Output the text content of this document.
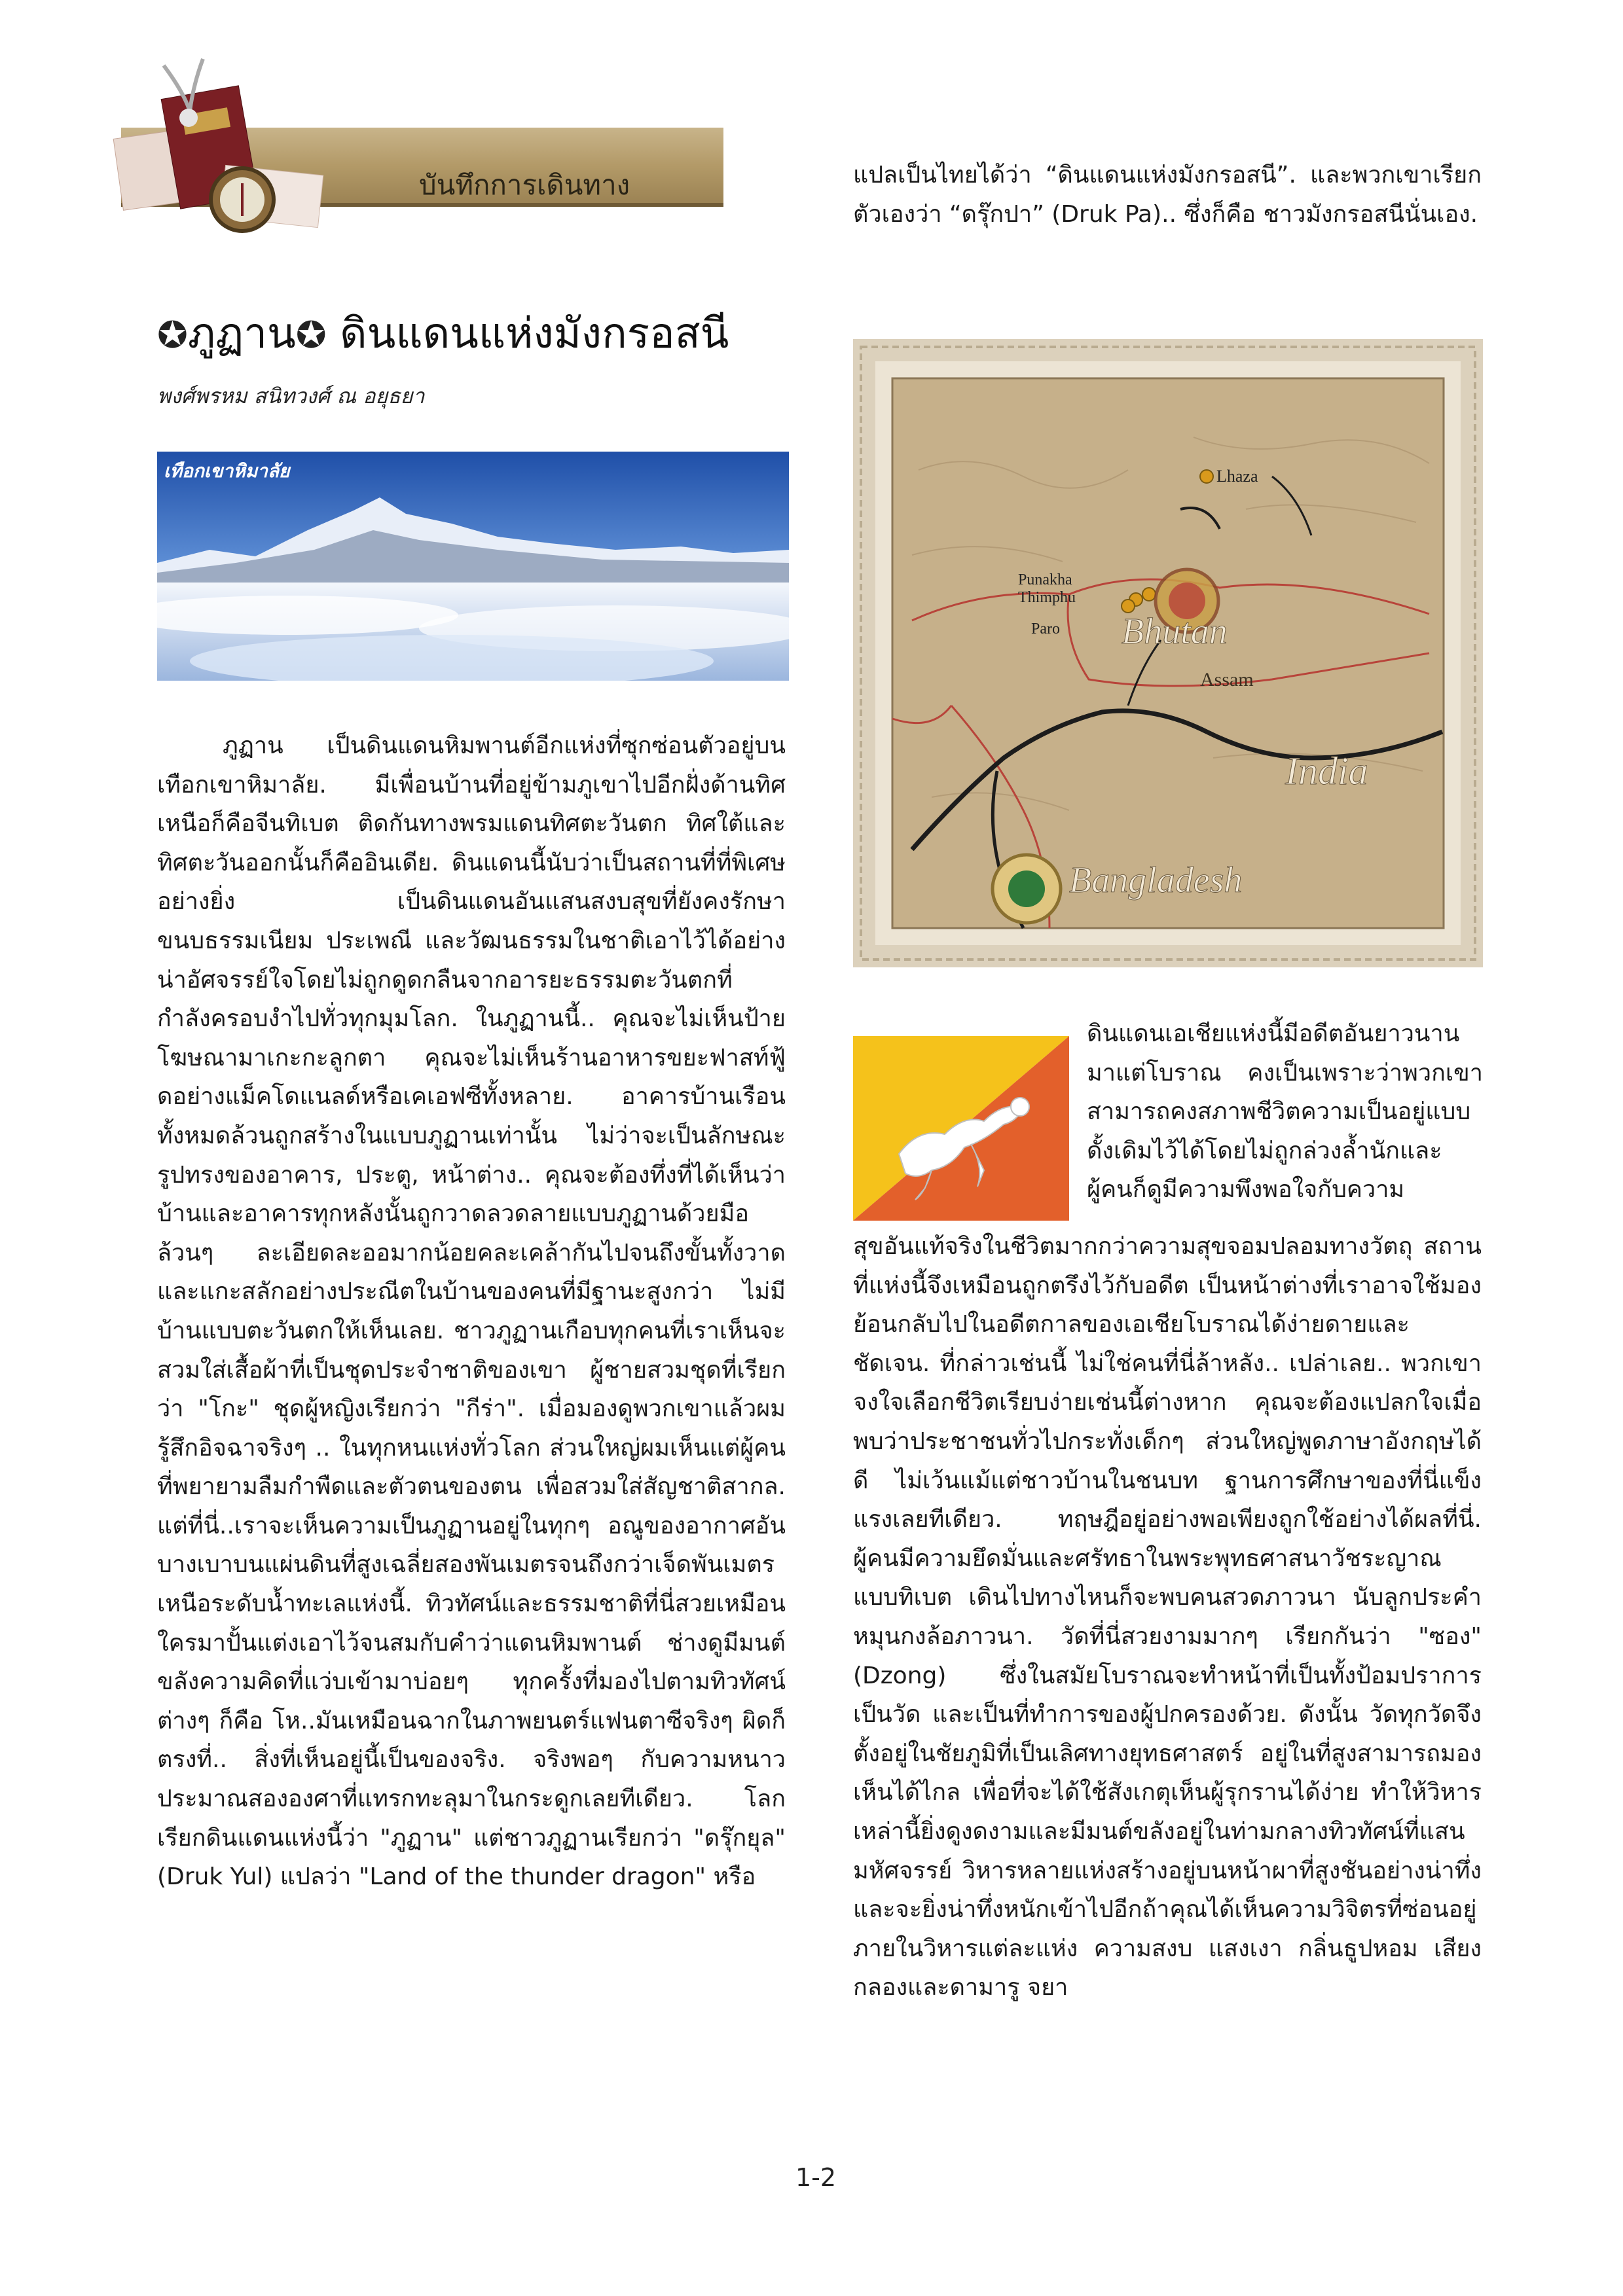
บันทึกการเดินทาง
✪ภูฏาน✪ ดินแดนแห่งมังกรอสนี
พงศ์พรหม สนิทวงศ์ ณ อยุธยา
เทือกเขาหิมาลัย

ภูฏาน เป็นดินแดนหิมพานต์อีกแห่งที่ซุกซ่อนตัวอยู่บนเทือกเขาหิมาลัย. มีเพื่อนบ้านที่อยู่ข้ามภูเขาไปอีกฝั่งด้านทิศเหนือก็คือจีนทิเบต ติดกันทางพรมแดนทิศตะวันตก ทิศใต้และทิศตะวันออกนั้นก็คืออินเดีย. ดินแดนนี้นับว่าเป็นสถานที่ที่พิเศษอย่างยิ่ง เป็นดินแดนอันแสนสงบสุขที่ยังคงรักษาขนบธรรมเนียม ประเพณี และวัฒนธรรมในชาติเอาไว้ได้อย่างน่าอัศจรรย์ใจโดยไม่ถูกดูดกลืนจากอารยะธรรมตะวันตกที่กำลังครอบงำไปทั่วทุกมุมโลก. ในภูฏานนี้.. คุณจะไม่เห็นป้ายโฆษณามาเกะกะลูกตา คุณจะไม่เห็นร้านอาหารขยะฟาสท์ฟู้ดอย่างแม็คโดแนลด์หรือเคเอฟซีทั้งหลาย. อาคารบ้านเรือนทั้งหมดล้วนถูกสร้างในแบบภูฏานเท่านั้น ไม่ว่าจะเป็นลักษณะรูปทรงของอาคาร, ประตู, หน้าต่าง.. คุณจะต้องทึ่งที่ได้เห็นว่าบ้านและอาคารทุกหลังนั้นถูกวาดลวดลายแบบภูฏานด้วยมือล้วนๆ ละเอียดละออมากน้อยคละเคล้ากันไปจนถึงขั้นทั้งวาดและแกะสลักอย่างประณีตในบ้านของคนที่มีฐานะสูงกว่า ไม่มีบ้านแบบตะวันตกให้เห็นเลย. ชาวภูฏานเกือบทุกคนที่เราเห็นจะสวมใส่เสื้อผ้าที่เป็นชุดประจำชาติของเขา ผู้ชายสวมชุดที่เรียกว่า "โกะ" ชุดผู้หญิงเรียกว่า "กีร่า". เมื่อมองดูพวกเขาแล้วผมรู้สึกอิจฉาจริงๆ .. ในทุกหนแห่งทั่วโลก ส่วนใหญ่ผมเห็นแต่ผู้คนที่พยายามลืมกำพืดและตัวตนของตน เพื่อสวมใส่สัญชาติสากล. แต่ที่นี่..เราจะเห็นความเป็นภูฏานอยู่ในทุกๆ อณูของอากาศอันบางเบาบนแผ่นดินที่สูงเฉลี่ยสองพันเมตรจนถึงกว่าเจ็ดพันเมตรเหนือระดับน้ำทะเลแห่งนี้. ทิวทัศน์และธรรมชาติที่นี่สวยเหมือนใครมาปั้นแต่งเอาไว้จนสมกับคำว่าแดนหิมพานต์ ช่างดูมีมนต์ขลังความคิดที่แว่บเข้ามาบ่อยๆ ทุกครั้งที่มองไปตามทิวทัศน์ต่างๆ ก็คือ โห..มันเหมือนฉากในภาพยนตร์แฟนตาซีจริงๆ ผิดก็ตรงที่.. สิ่งที่เห็นอยู่นี้เป็นของจริง. จริงพอๆ กับความหนาวประมาณสององศาที่แทรกทะลุมาในกระดูกเลยทีเดียว. โลกเรียกดินแดนแห่งนี้ว่า "ภูฏาน" แต่ชาวภูฏานเรียกว่า "ดรุ๊กยุล" (Druk Yul) แปลว่า "Land of the thunder dragon" หรือ

แปลเป็นไทยได้ว่า “ดินแดนแห่งมังกรอสนี”. และพวกเขาเรียกตัวเองว่า “ดรุ๊กปา” (Druk Pa).. ซึ่งก็คือ ชาวมังกรอสนีนั่นเอง.

Lhaza
Punakha
Thimphu
Paro Bhutan
Assam
India
Bangladesh

ดินแดนเอเชียแห่งนี้มีอดีตอันยาวนานมาแต่โบราณ คงเป็นเพราะว่าพวกเขาสามารถคงสภาพชีวิตความเป็นอยู่แบบดั้งเดิมไว้ได้โดยไม่ถูกล่วงล้ำนักและผู้คนก็ดูมีความพึงพอใจกับความ

สุขอันแท้จริงในชีวิตมากกว่าความสุขจอมปลอมทางวัตถุ สถานที่แห่งนี้จึงเหมือนถูกตรึงไว้กับอดีต เป็นหน้าต่างที่เราอาจใช้มองย้อนกลับไปในอดีตกาลของเอเชียโบราณได้ง่ายดายและชัดเจน. ที่กล่าวเช่นนี้ ไม่ใช่คนที่นี่ล้าหลัง.. เปล่าเลย.. พวกเขาจงใจเลือกชีวิตเรียบง่ายเช่นนี้ต่างหาก คุณจะต้องแปลกใจเมื่อพบว่าประชาชนทั่วไปกระทั่งเด็กๆ ส่วนใหญ่พูดภาษาอังกฤษได้ดี ไม่เว้นแม้แต่ชาวบ้านในชนบท ฐานการศึกษาของที่นี่แข็งแรงเลยทีเดียว. ทฤษฎีอยู่อย่างพอเพียงถูกใช้อย่างได้ผลที่นี่. ผู้คนมีความยึดมั่นและศรัทธาในพระพุทธศาสนาวัชระญาณแบบทิเบต เดินไปทางไหนก็จะพบคนสวดภาวนา นับลูกประคำ หมุนกงล้อภาวนา. วัดที่นี่สวยงามมากๆ เรียกกันว่า "ซอง" (Dzong) ซึ่งในสมัยโบราณจะทำหน้าที่เป็นทั้งป้อมปราการ เป็นวัด และเป็นที่ทำการของผู้ปกครองด้วย. ดังนั้น วัดทุกวัดจึงตั้งอยู่ในชัยภูมิที่เป็นเลิศทางยุทธศาสตร์ อยู่ในที่สูงสามารถมองเห็นได้ไกล เพื่อที่จะได้ใช้สังเกตุเห็นผู้รุกรานได้ง่าย ทำให้วิหารเหล่านี้ยิ่งดูงดงามและมีมนต์ขลังอยู่ในท่ามกลางทิวทัศน์ที่แสนมหัศจรรย์ วิหารหลายแห่งสร้างอยู่บนหน้าผาที่สูงชันอย่างน่าทึ่ง และจะยิ่งน่าทึ่งหนักเข้าไปอีกถ้าคุณได้เห็นความวิจิตรที่ซ่อนอยู่ภายในวิหารแต่ละแห่ง ความสงบ แสงเงา กลิ่นธูปหอม เสียงกลองและดามารู จยา

1-2
